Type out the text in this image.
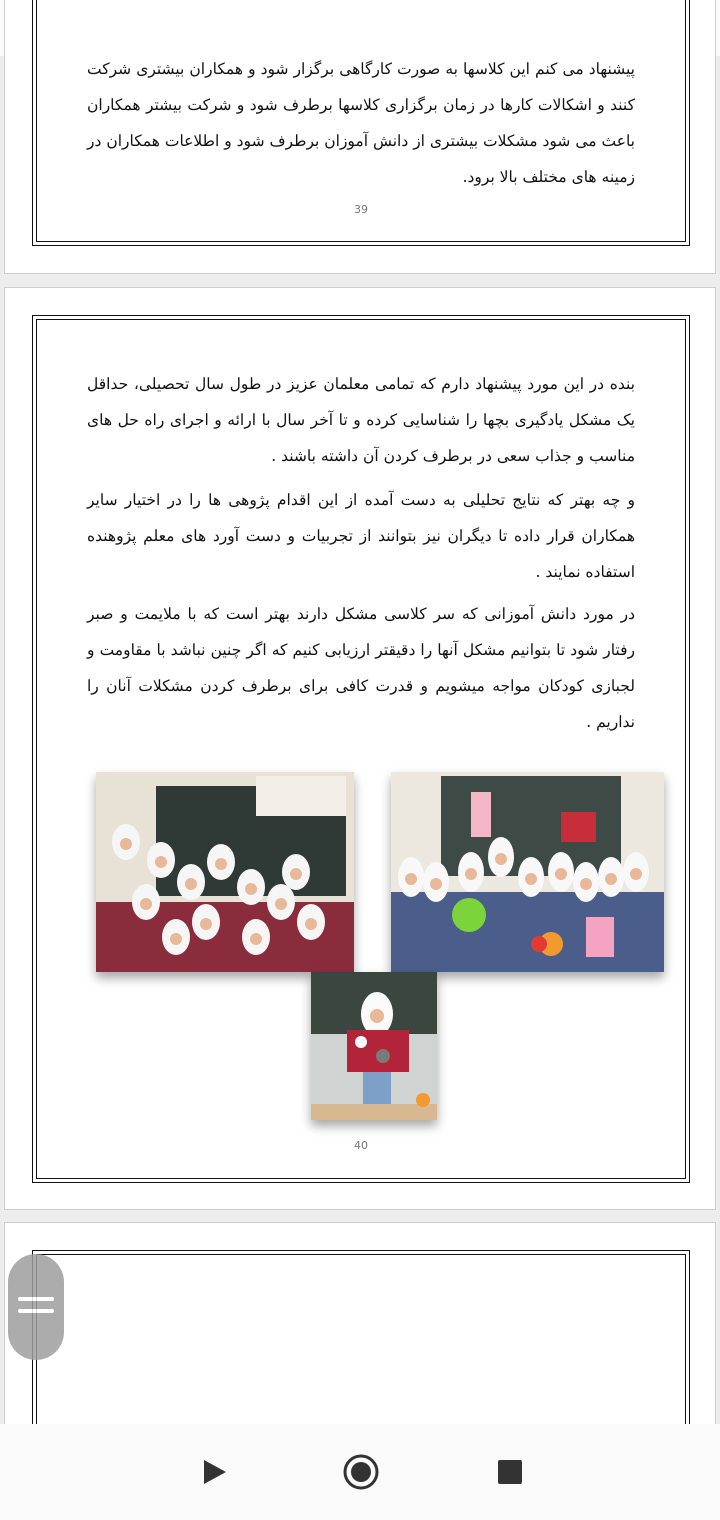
پیشنهاد می کنم این کلاسها به صورت کارگاهی برگزار شود و همکاران بیشتری شرکت کنند و اشکالات کارها در زمان برگزاری کلاسها برطرف شود و شرکت بیشتر همکاران باعث می شود مشکلات بیشتری از دانش آموزان برطرف شود و اطلاعات همکاران در زمینه های مختلف بالا برود.

39

بنده در این مورد پیشنهاد دارم که تمامی معلمان عزیز در طول سال تحصیلی، حداقل یک مشکل یادگیری بچها را شناسایی کرده و تا آخر سال با ارائه و اجرای راه حل های مناسب و جذاب سعی در برطرف کردن آن داشته باشند .

و چه بهتر که نتایج تحلیلی به دست آمده از این اقدام پژوهی ها را در اختیار سایر همکاران قرار داده تا دیگران نیز بتوانند از تجربیات و دست آورد های معلم پژوهنده استفاده نمایند .

در مورد دانش آموزانی که سر کلاسی مشکل دارند بهتر است که با ملایمت و صبر رفتار شود تا بتوانیم مشکل آنها را دقیقتر ارزیابی کنیم که اگر چنین نباشد با مقاومت و لجبازی کودکان مواجه میشویم و قدرت کافی برای برطرف کردن مشکلات آنان را نداریم .

40
